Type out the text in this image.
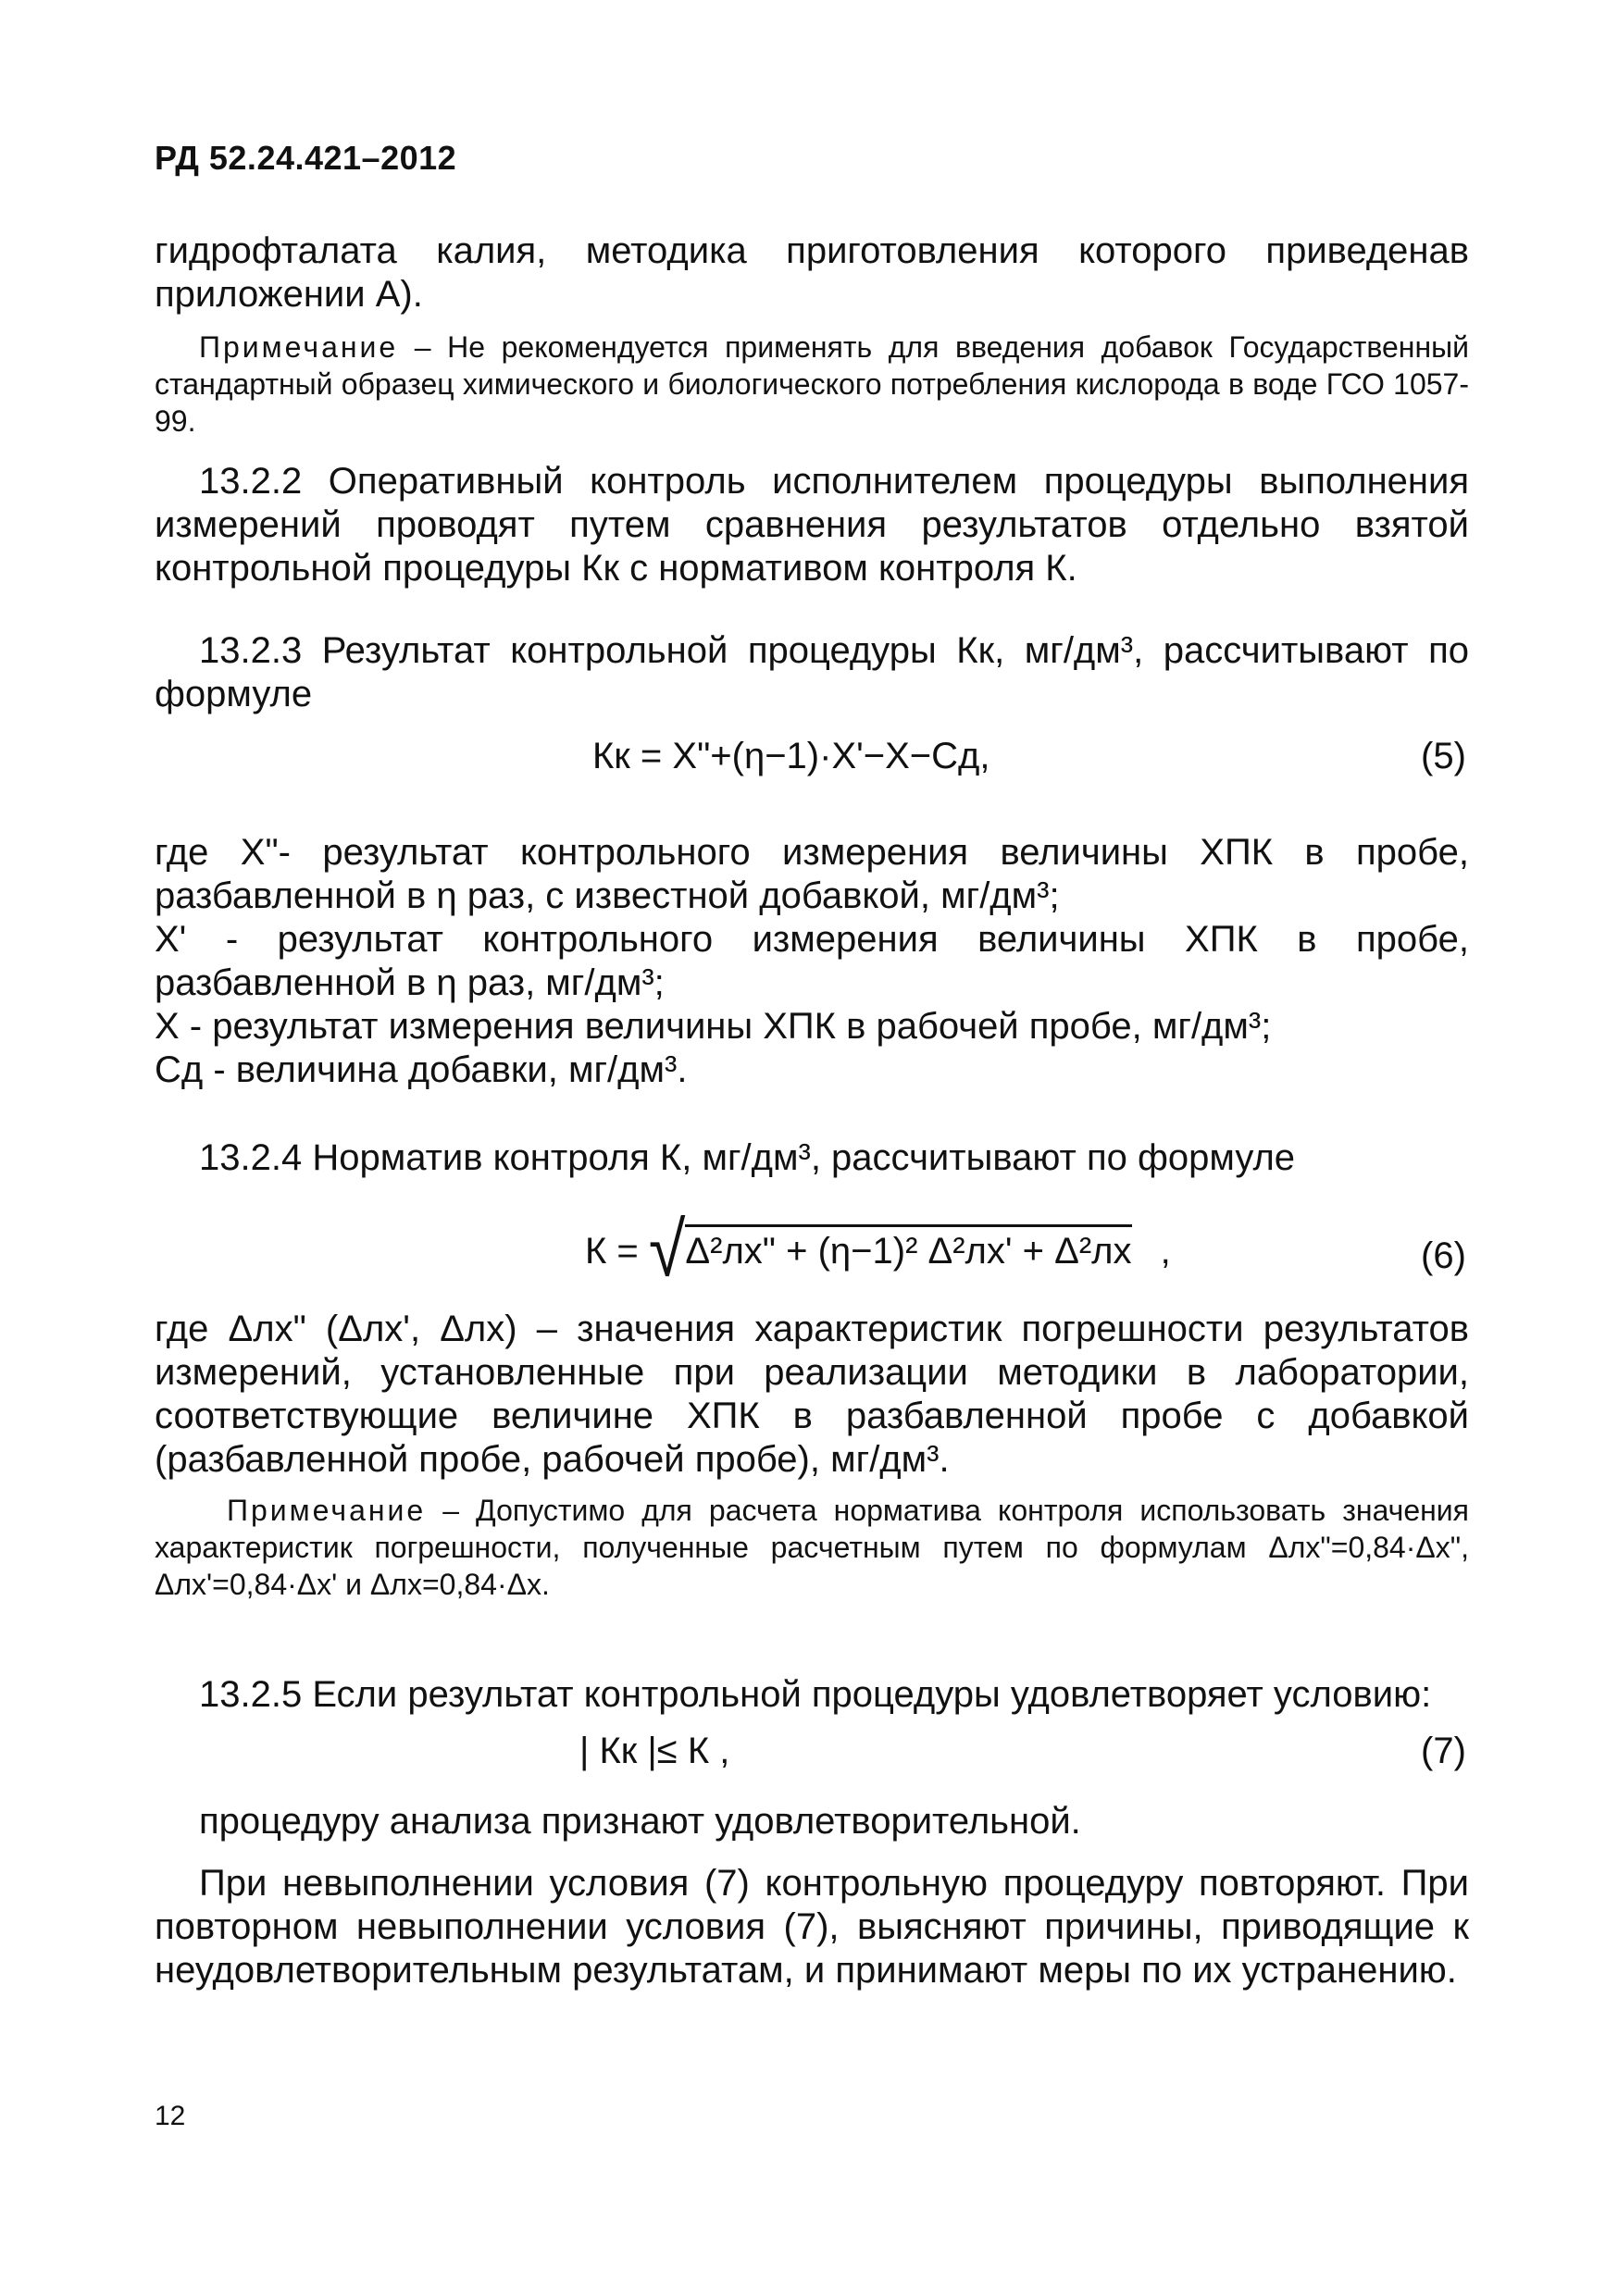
РД 52.24.421–2012
гидрофталата калия, методика приготовления которого приведенав приложении А).
Примечание – Не рекомендуется применять для введения добавок Государственный стандартный образец химического и биологического потребления кислорода в воде ГСО 1057-99.
13.2.2 Оперативный контроль исполнителем процедуры выполнения измерений проводят путем сравнения результатов отдельно взятой контрольной процедуры Кк с нормативом контроля К.
13.2.3 Результат контрольной процедуры Кк, мг/дм³, рассчитывают по формуле
Кк = X"+(η−1)·X'−X−Сд,	(5)
где X"- результат контрольного измерения величины ХПК в пробе, разбавленной в η раз, с известной добавкой, мг/дм³;
X' - результат контрольного измерения величины ХПК в пробе, разбавленной в η раз, мг/дм³;
X - результат измерения величины ХПК в рабочей пробе, мг/дм³;
Сд - величина добавки, мг/дм³.
13.2.4 Норматив контроля К, мг/дм³, рассчитывают по формуле
К = √Δ²лх" + (η−1)² Δ²лх' + Δ²лх ,	(6)
где Δлх" (Δлх', Δлх) – значения характеристик погрешности результатов измерений, установленные при реализации методики в лаборатории, соответствующие величине ХПК в разбавленной пробе с добавкой (разбавленной пробе, рабочей пробе), мг/дм³.
Примечание – Допустимо для расчета норматива контроля использовать значения характеристик погрешности, полученные расчетным путем по формулам Δлх"=0,84·Δх", Δлх'=0,84·Δх' и Δлх=0,84·Δх.
13.2.5 Если результат контрольной процедуры удовлетворяет условию:
| Кк |≤ К ,	(7)
процедуру анализа признают удовлетворительной.
При невыполнении условия (7) контрольную процедуру повторяют. При повторном невыполнении условия (7), выясняют причины, приводящие к неудовлетворительным результатам, и принимают меры по их устранению.
12
